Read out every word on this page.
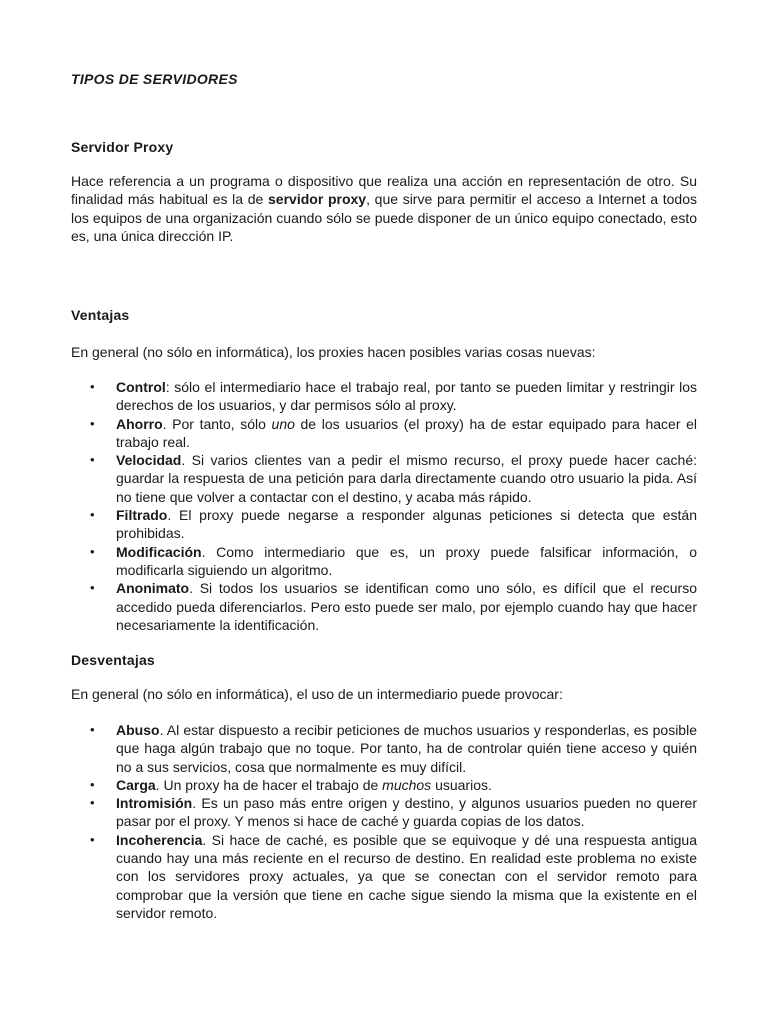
TIPOS DE SERVIDORES
Servidor Proxy

Hace referencia a un programa o dispositivo que realiza una acción en representación de otro. Su finalidad más habitual es la de servidor proxy, que sirve para permitir el acceso a Internet a todos los equipos de una organización cuando sólo se puede disponer de un único equipo conectado, esto es, una única dirección IP.

Ventajas

En general (no sólo en informática), los proxies hacen posibles varias cosas nuevas:

• Control: sólo el intermediario hace el trabajo real, por tanto se pueden limitar y restringir los derechos de los usuarios, y dar permisos sólo al proxy.
• Ahorro. Por tanto, sólo uno de los usuarios (el proxy) ha de estar equipado para hacer el trabajo real.
• Velocidad. Si varios clientes van a pedir el mismo recurso, el proxy puede hacer caché: guardar la respuesta de una petición para darla directamente cuando otro usuario la pida. Así no tiene que volver a contactar con el destino, y acaba más rápido.
• Filtrado. El proxy puede negarse a responder algunas peticiones si detecta que están prohibidas.
• Modificación. Como intermediario que es, un proxy puede falsificar información, o modificarla siguiendo un algoritmo.
• Anonimato. Si todos los usuarios se identifican como uno sólo, es difícil que el recurso accedido pueda diferenciarlos. Pero esto puede ser malo, por ejemplo cuando hay que hacer necesariamente la identificación.
Desventajas

En general (no sólo en informática), el uso de un intermediario puede provocar:

• Abuso. Al estar dispuesto a recibir peticiones de muchos usuarios y responderlas, es posible que haga algún trabajo que no toque. Por tanto, ha de controlar quién tiene acceso y quién no a sus servicios, cosa que normalmente es muy difícil.
• Carga. Un proxy ha de hacer el trabajo de muchos usuarios.
• Intromisión. Es un paso más entre origen y destino, y algunos usuarios pueden no querer pasar por el proxy. Y menos si hace de caché y guarda copias de los datos.
• Incoherencia. Si hace de caché, es posible que se equivoque y dé una respuesta antigua cuando hay una más reciente en el recurso de destino. En realidad este problema no existe con los servidores proxy actuales, ya que se conectan con el servidor remoto para comprobar que la versión que tiene en cache sigue siendo la misma que la existente en el servidor remoto.
